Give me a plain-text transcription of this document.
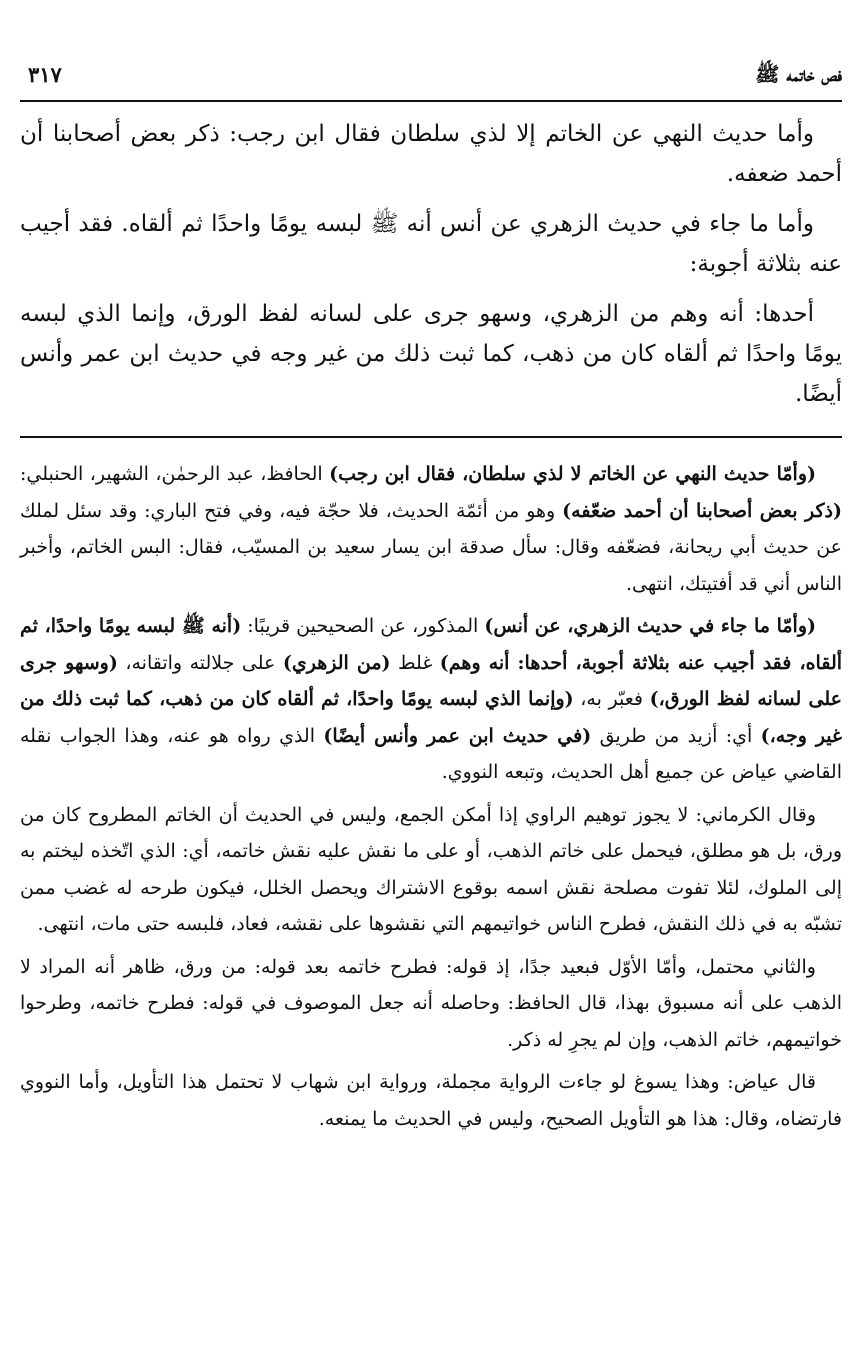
فص خاتمه ﷺ
٣١٧

وأما حديث النهي عن الخاتم إلا لذي سلطان فقال ابن رجب: ذكر بعض أصحابنا أن أحمد ضعفه.

وأما ما جاء في حديث الزهري عن أنس أنه ﷺ لبسه يومًا واحدًا ثم ألقاه. فقد أجيب عنه بثلاثة أجوبة:

أحدها: أنه وهم من الزهري، وسهو جرى على لسانه لفظ الورق، وإنما الذي لبسه يومًا واحدًا ثم ألقاه كان من ذهب، كما ثبت ذلك من غير وجه في حديث ابن عمر وأنس أيضًا.

(وأمّا حديث النهي عن الخاتم لا لذي سلطان، فقال ابن رجب) الحافظ، عبد الرحمٰن، الشهير، الحنبلي: (ذكر بعض أصحابنا أن أحمد ضعّفه) وهو من أئمّة الحديث، فلا حجّة فيه، وفي فتح الباري: وقد سئل لملك عن حديث أبي ريحانة، فضعّفه وقال: سأل صدقة ابن يسار سعيد بن المسيّب، فقال: البس الخاتم، وأخبر الناس أني قد أفتيتك، انتهى.

(وأمّا ما جاء في حديث الزهري، عن أنس) المذكور، عن الصحيحين قريبًا: (أنه ﷺ لبسه يومًا واحدًا، ثم ألقاه، فقد أجيب عنه بثلاثة أجوبة، أحدها: أنه وهم) غلط (من الزهري) على جلالته واتقانه، (وسهو جرى على لسانه لفظ الورق،) فعبّر به، (وإنما الذي لبسه يومًا واحدًا، ثم ألقاه كان من ذهب، كما ثبت ذلك من غير وجه،) أي: أزيد من طريق (في حديث ابن عمر وأنس أيضًا) الذي رواه هو عنه، وهذا الجواب نقله القاضي عياض عن جميع أهل الحديث، وتبعه النووي.

وقال الكرماني: لا يجوز توهيم الراوي إذا أمكن الجمع، وليس في الحديث أن الخاتم المطروح كان من ورق، بل هو مطلق، فيحمل على خاتم الذهب، أو على ما نقش عليه نقش خاتمه، أي: الذي اتّخذه ليختم به إلى الملوك، لئلا تفوت مصلحة نقش اسمه بوقوع الاشتراك ويحصل الخلل، فيكون طرحه له غضب ممن تشبّه به في ذلك النقش، فطرح الناس خواتيمهم التي نقشوها على نقشه، فعاد، فلبسه حتى مات، انتهى.

والثاني محتمل، وأمّا الأوّل فبعيد جدًا، إذ قوله: فطرح خاتمه بعد قوله: من ورق، ظاهر أنه المراد لا الذهب على أنه مسبوق بهذا، قال الحافظ: وحاصله أنه جعل الموصوف في قوله: فطرح خاتمه، وطرحوا خواتيمهم، خاتم الذهب، وإن لم يجرِ له ذكر.

قال عياض: وهذا يسوغ لو جاءت الرواية مجملة، ورواية ابن شهاب لا تحتمل هذا التأويل، وأما النووي فارتضاه، وقال: هذا هو التأويل الصحيح، وليس في الحديث ما يمنعه.
